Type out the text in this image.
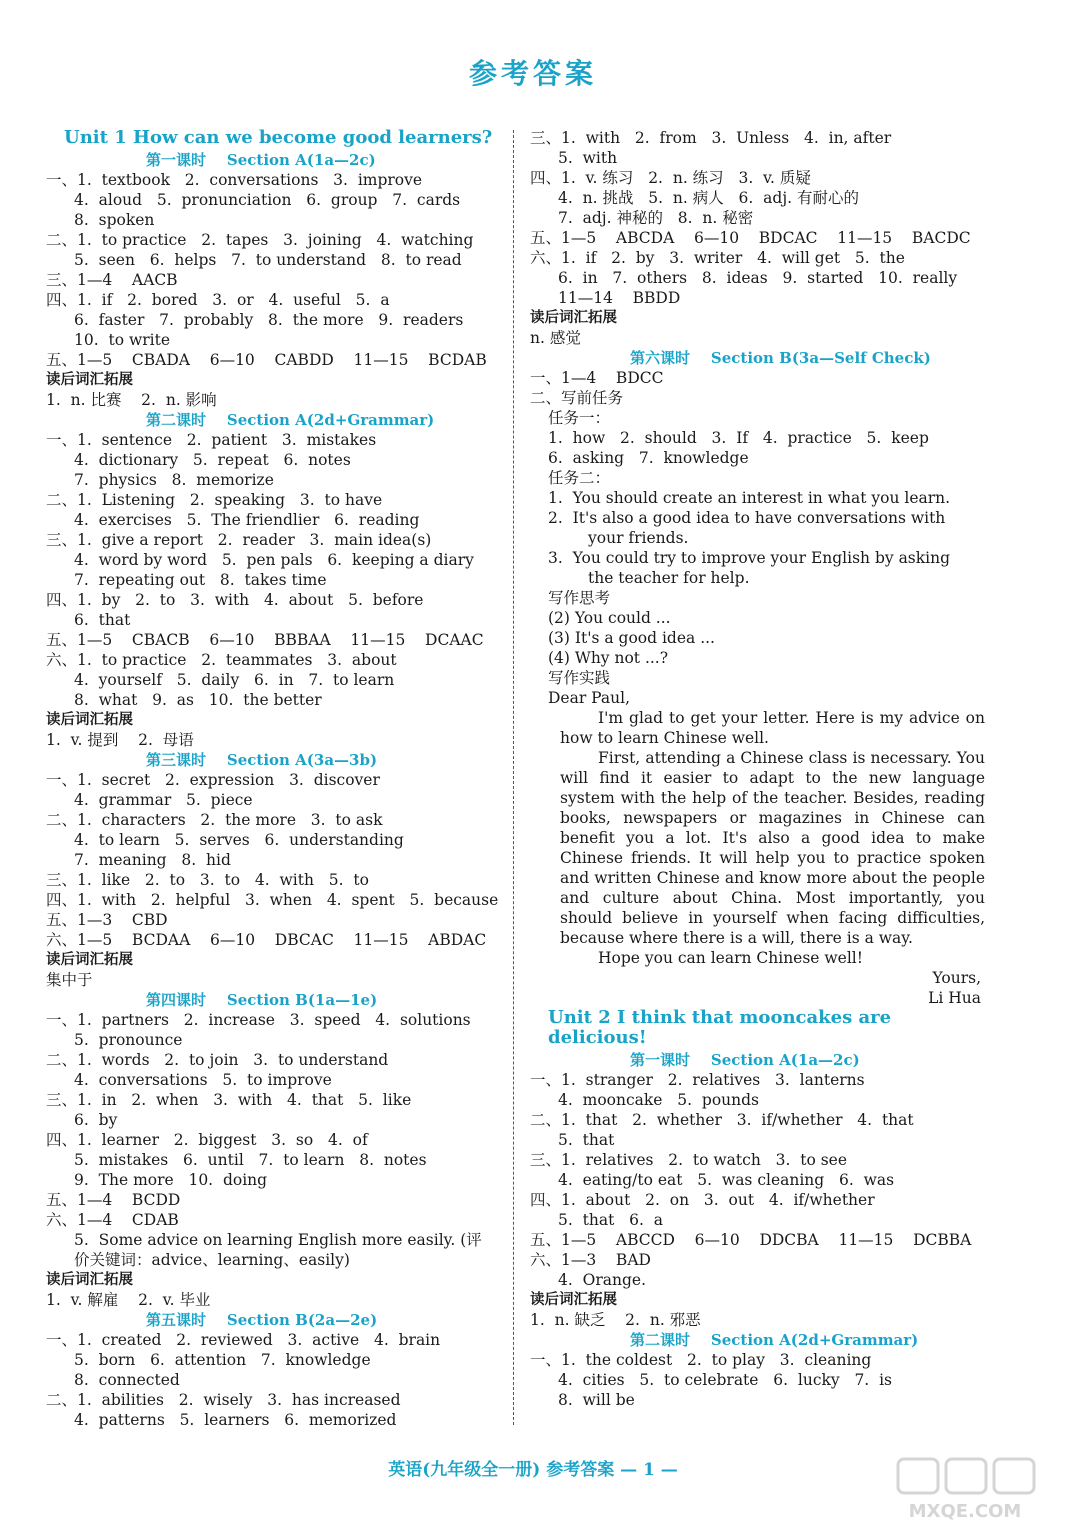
参考答案
Unit 1 How can we become good learners?
第一课时    Section A(1a—2c)
一、1.  textbook   2.  conversations   3.  improve
4.  aloud   5.  pronunciation   6.  group   7.  cards
8.  spoken
二、1.  to practice   2.  tapes   3.  joining   4.  watching
5.  seen   6.  helps   7.  to understand   8.  to read
三、1—4    AACB
四、1.  if   2.  bored   3.  or   4.  useful   5.  a
6.  faster   7.  probably   8.  the more   9.  readers
10.  to write
五、1—5    CBADA    6—10    CABDD    11—15    BCDAB
读后词汇拓展
1.  n. 比赛    2.  n. 影响
第二课时    Section A(2d+Grammar)
一、1.  sentence   2.  patient   3.  mistakes
4.  dictionary   5.  repeat   6.  notes
7.  physics   8.  memorize
二、1.  Listening   2.  speaking   3.  to have
4.  exercises   5.  The friendlier   6.  reading
三、1.  give a report   2.  reader   3.  main idea(s)
4.  word by word   5.  pen pals   6.  keeping a diary
7.  repeating out   8.  takes time
四、1.  by   2.  to   3.  with   4.  about   5.  before
6.  that
五、1—5    CBACB    6—10    BBBAA    11—15    DCAAC
六、1.  to practice   2.  teammates   3.  about
4.  yourself   5.  daily   6.  in   7.  to learn
8.  what   9.  as   10.  the better
读后词汇拓展
1.  v. 提到    2.  母语
第三课时    Section A(3a—3b)
一、1.  secret   2.  expression   3.  discover
4.  grammar   5.  piece
二、1.  characters   2.  the more   3.  to ask
4.  to learn   5.  serves   6.  understanding
7.  meaning   8.  hid
三、1.  like   2.  to   3.  to   4.  with   5.  to
四、1.  with   2.  helpful   3.  when   4.  spent   5.  because
五、1—3    CBD
六、1—5    BCDAA    6—10    DBCAC    11—15    ABDAC
读后词汇拓展
集中于
第四课时    Section B(1a—1e)
一、1.  partners   2.  increase   3.  speed   4.  solutions
5.  pronounce
二、1.  words   2.  to join   3.  to understand
4.  conversations   5.  to improve
三、1.  in   2.  when   3.  with   4.  that   5.  like
6.  by
四、1.  learner   2.  biggest   3.  so   4.  of
5.  mistakes   6.  until   7.  to learn   8.  notes
9.  The more   10.  doing
五、1—4    BCDD
六、1—4    CDAB
5.  Some advice on learning English more easily. (评
价关键词：advice、learning、easily)
读后词汇拓展
1.  v. 解雇    2.  v. 毕业
第五课时    Section B(2a—2e)
一、1.  created   2.  reviewed   3.  active   4.  brain
5.  born   6.  attention   7.  knowledge
8.  connected
二、1.  abilities   2.  wisely   3.  has increased
4.  patterns   5.  learners   6.  memorized
三、1.  with   2.  from   3.  Unless   4.  in, after
5.  with
四、1.  v. 练习   2.  n. 练习   3.  v. 质疑
4.  n. 挑战   5.  n. 病人   6.  adj. 有耐心的
7.  adj. 神秘的   8.  n. 秘密
五、1—5    ABCDA    6—10    BDCAC    11—15    BACDC
六、1.  if   2.  by   3.  writer   4.  will get   5.  the
6.  in   7.  others   8.  ideas   9.  started   10.  really
11—14    BBDD
读后词汇拓展
n. 感觉
第六课时    Section B(3a—Self Check)
一、1—4    BDCC
二、写前任务
任务一：
1.  how   2.  should   3.  If   4.  practice   5.  keep
6.  asking   7.  knowledge
任务二：
1.  You should create an interest in what you learn.
2.  It's also a good idea to have conversations with
your friends.
3.  You could try to improve your English by asking
the teacher for help.
写作思考
(2) You could ...
(3) It's a good idea ...
(4) Why not ...?
写作实践
Dear Paul,
I'm glad to get your letter. Here is my advice on how to learn Chinese well.
First, attending a Chinese class is necessary. You will find it easier to adapt to the new language system with the help of the teacher. Besides, reading books, newspapers or magazines in Chinese can benefit you a lot. It's also a good idea to make Chinese friends. It will help you to practice spoken and written Chinese and know more about the people and culture about China. Most importantly, you should believe in yourself when facing difficulties, because where there is a will, there is a way.
Hope you can learn Chinese well!
Yours,
Li Hua
Unit 2 I think that mooncakes are delicious!
第一课时    Section A(1a—2c)
一、1.  stranger   2.  relatives   3.  lanterns
4.  mooncake   5.  pounds
二、1.  that   2.  whether   3.  if/whether   4.  that
5.  that
三、1.  relatives   2.  to watch   3.  to see
4.  eating/to eat   5.  was cleaning   6.  was
四、1.  about   2.  on   3.  out   4.  if/whether
5.  that   6.  a
五、1—5    ABCCD    6—10    DDCBA    11—15    DCBBA
六、1—3    BAD
4.  Orange.
读后词汇拓展
1.  n. 缺乏    2.  n. 邪恶
第二课时    Section A(2d+Grammar)
一、1.  the coldest   2.  to play   3.  cleaning
4.  cities   5.  to celebrate   6.  lucky   7.  is
8.  will be
英语(九年级全一册) 参考答案 — 1 —
MXQE.COM
